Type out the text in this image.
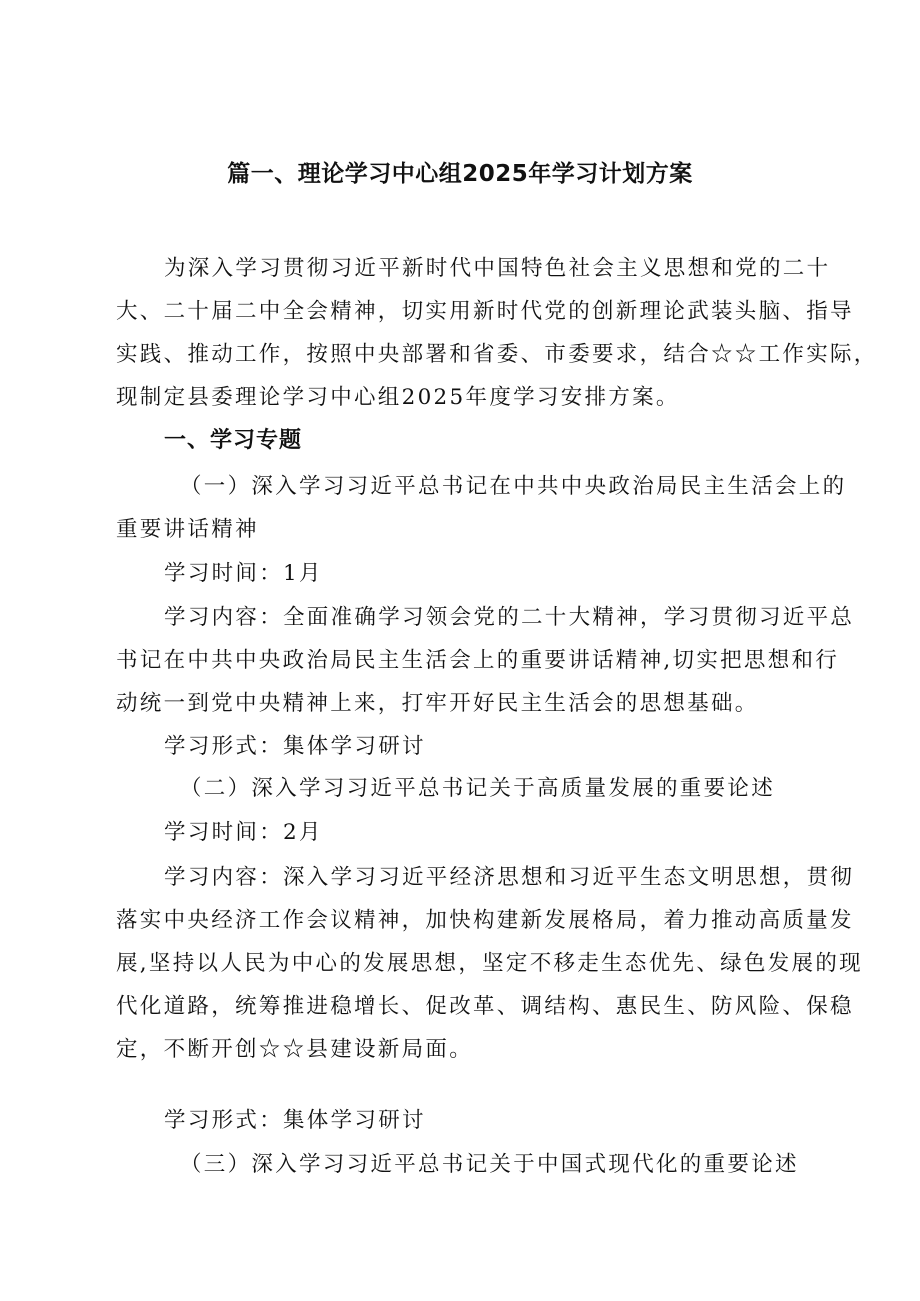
篇一、理论学习中心组2025年学习计划方案
为深入学习贯彻习近平新时代中国特色社会主义思想和党的二十
大、二十届二中全会精神，切实用新时代党的创新理论武装头脑、指导
实践、推动工作，按照中央部署和省委、市委要求，结合☆☆工作实际，
现制定县委理论学习中心组2025年度学习安排方案。
一、学习专题
（一）深入学习习近平总书记在中共中央政治局民主生活会上的
重要讲话精神
学习时间：1月
学习内容：全面准确学习领会党的二十大精神，学习贯彻习近平总
书记在中共中央政治局民主生活会上的重要讲话精神,切实把思想和行
动统一到党中央精神上来，打牢开好民主生活会的思想基础。
学习形式：集体学习研讨
（二）深入学习习近平总书记关于高质量发展的重要论述
学习时间：2月
学习内容：深入学习习近平经济思想和习近平生态文明思想，贯彻
落实中央经济工作会议精神，加快构建新发展格局，着力推动高质量发
展,坚持以人民为中心的发展思想，坚定不移走生态优先、绿色发展的现
代化道路，统筹推进稳增长、促改革、调结构、惠民生、防风险、保稳
定，不断开创☆☆县建设新局面。
学习形式：集体学习研讨
（三）深入学习习近平总书记关于中国式现代化的重要论述
